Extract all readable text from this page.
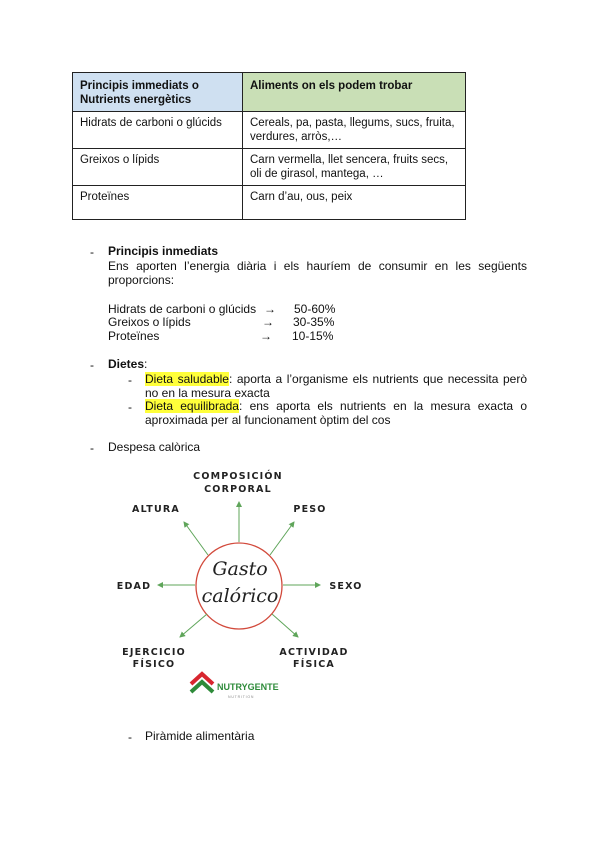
Principis immediats o Nutrients energètics	Aliments on els podem trobar
Hidrats de carboni o glúcids	Cereals, pa, pasta, llegums, sucs, fruita, verdures, arròs,…
Greixos o lípids	Carn vermella, llet sencera, fruits secs, oli de girasol, mantega, …
Proteïnes	Carn d’au, ous, peix
- Principis inmediats
Ens aporten l’energia diària i els hauríem de consumir en les següents proporcions:
Hidrats de carboni o glúcids → 50-60%
Greixos o lípids	→ 30-35%
Proteïnes	→ 10-15%
- Dietes:
- Dieta saludable: aporta a l’organisme els nutrients que necessita però no en la mesura exacta
- Dieta equilibrada: ens aporta els nutrients en la mesura exacta o aproximada per al funcionament òptim del cos
- Despesa calòrica
Gasto
calórico
COMPOSICIÓN
CORPORAL
ALTURA	PESO
EDAD	SEXO
EJERCICIO
FÍSICO
ACTIVIDAD
FÍSICA
NUTRYGENTE
NUTRITION
- Piràmide alimentària
